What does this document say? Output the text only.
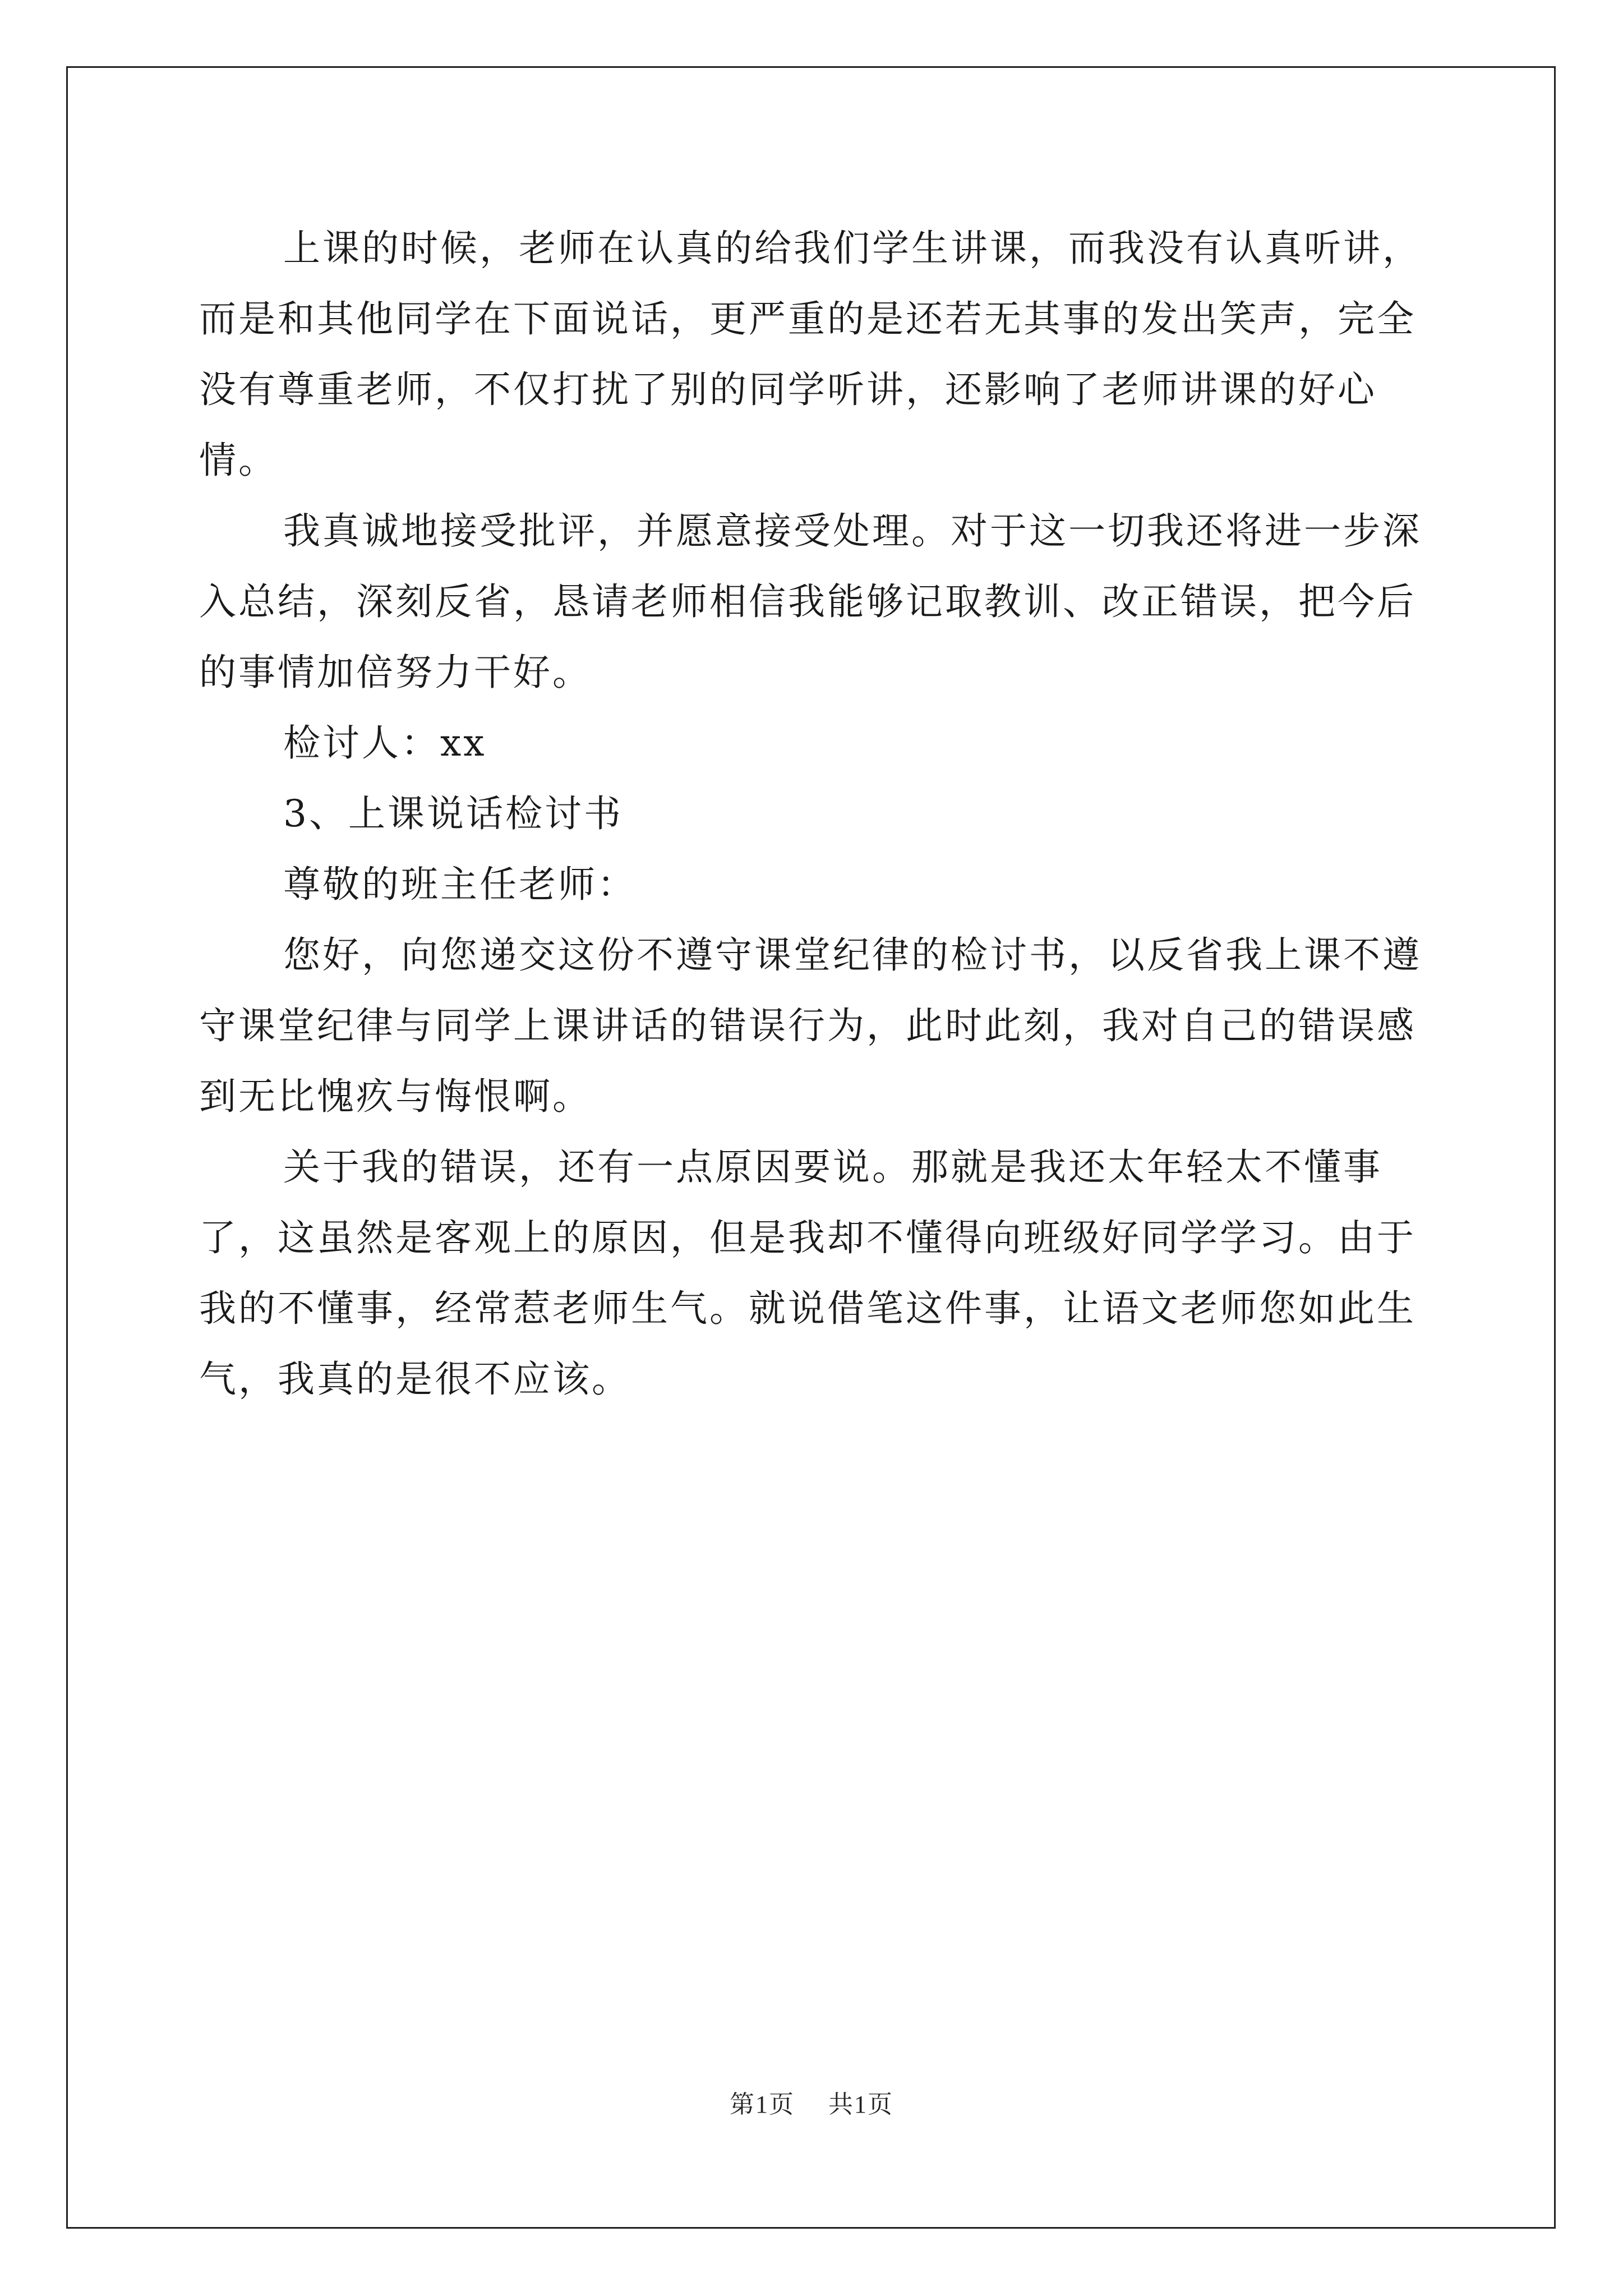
上课的时候，老师在认真的给我们学生讲课，而我没有认真听讲，而是和其他同学在下面说话，更严重的是还若无其事的发出笑声，完全没有尊重老师，不仅打扰了别的同学听讲，还影响了老师讲课的好心情。

我真诚地接受批评，并愿意接受处理。对于这一切我还将进一步深入总结，深刻反省，恳请老师相信我能够记取教训、改正错误，把今后的事情加倍努力干好。

检讨人：xx

3、上课说话检讨书

尊敬的班主任老师：

您好，向您递交这份不遵守课堂纪律的检讨书，以反省我上课不遵守课堂纪律与同学上课讲话的错误行为，此时此刻，我对自己的错误感到无比愧疚与悔恨啊。

关于我的错误，还有一点原因要说。那就是我还太年轻太不懂事了，这虽然是客观上的原因，但是我却不懂得向班级好同学学习。由于我的不懂事，经常惹老师生气。就说借笔这件事，让语文老师您如此生气，我真的是很不应该。

第1页 共1页
